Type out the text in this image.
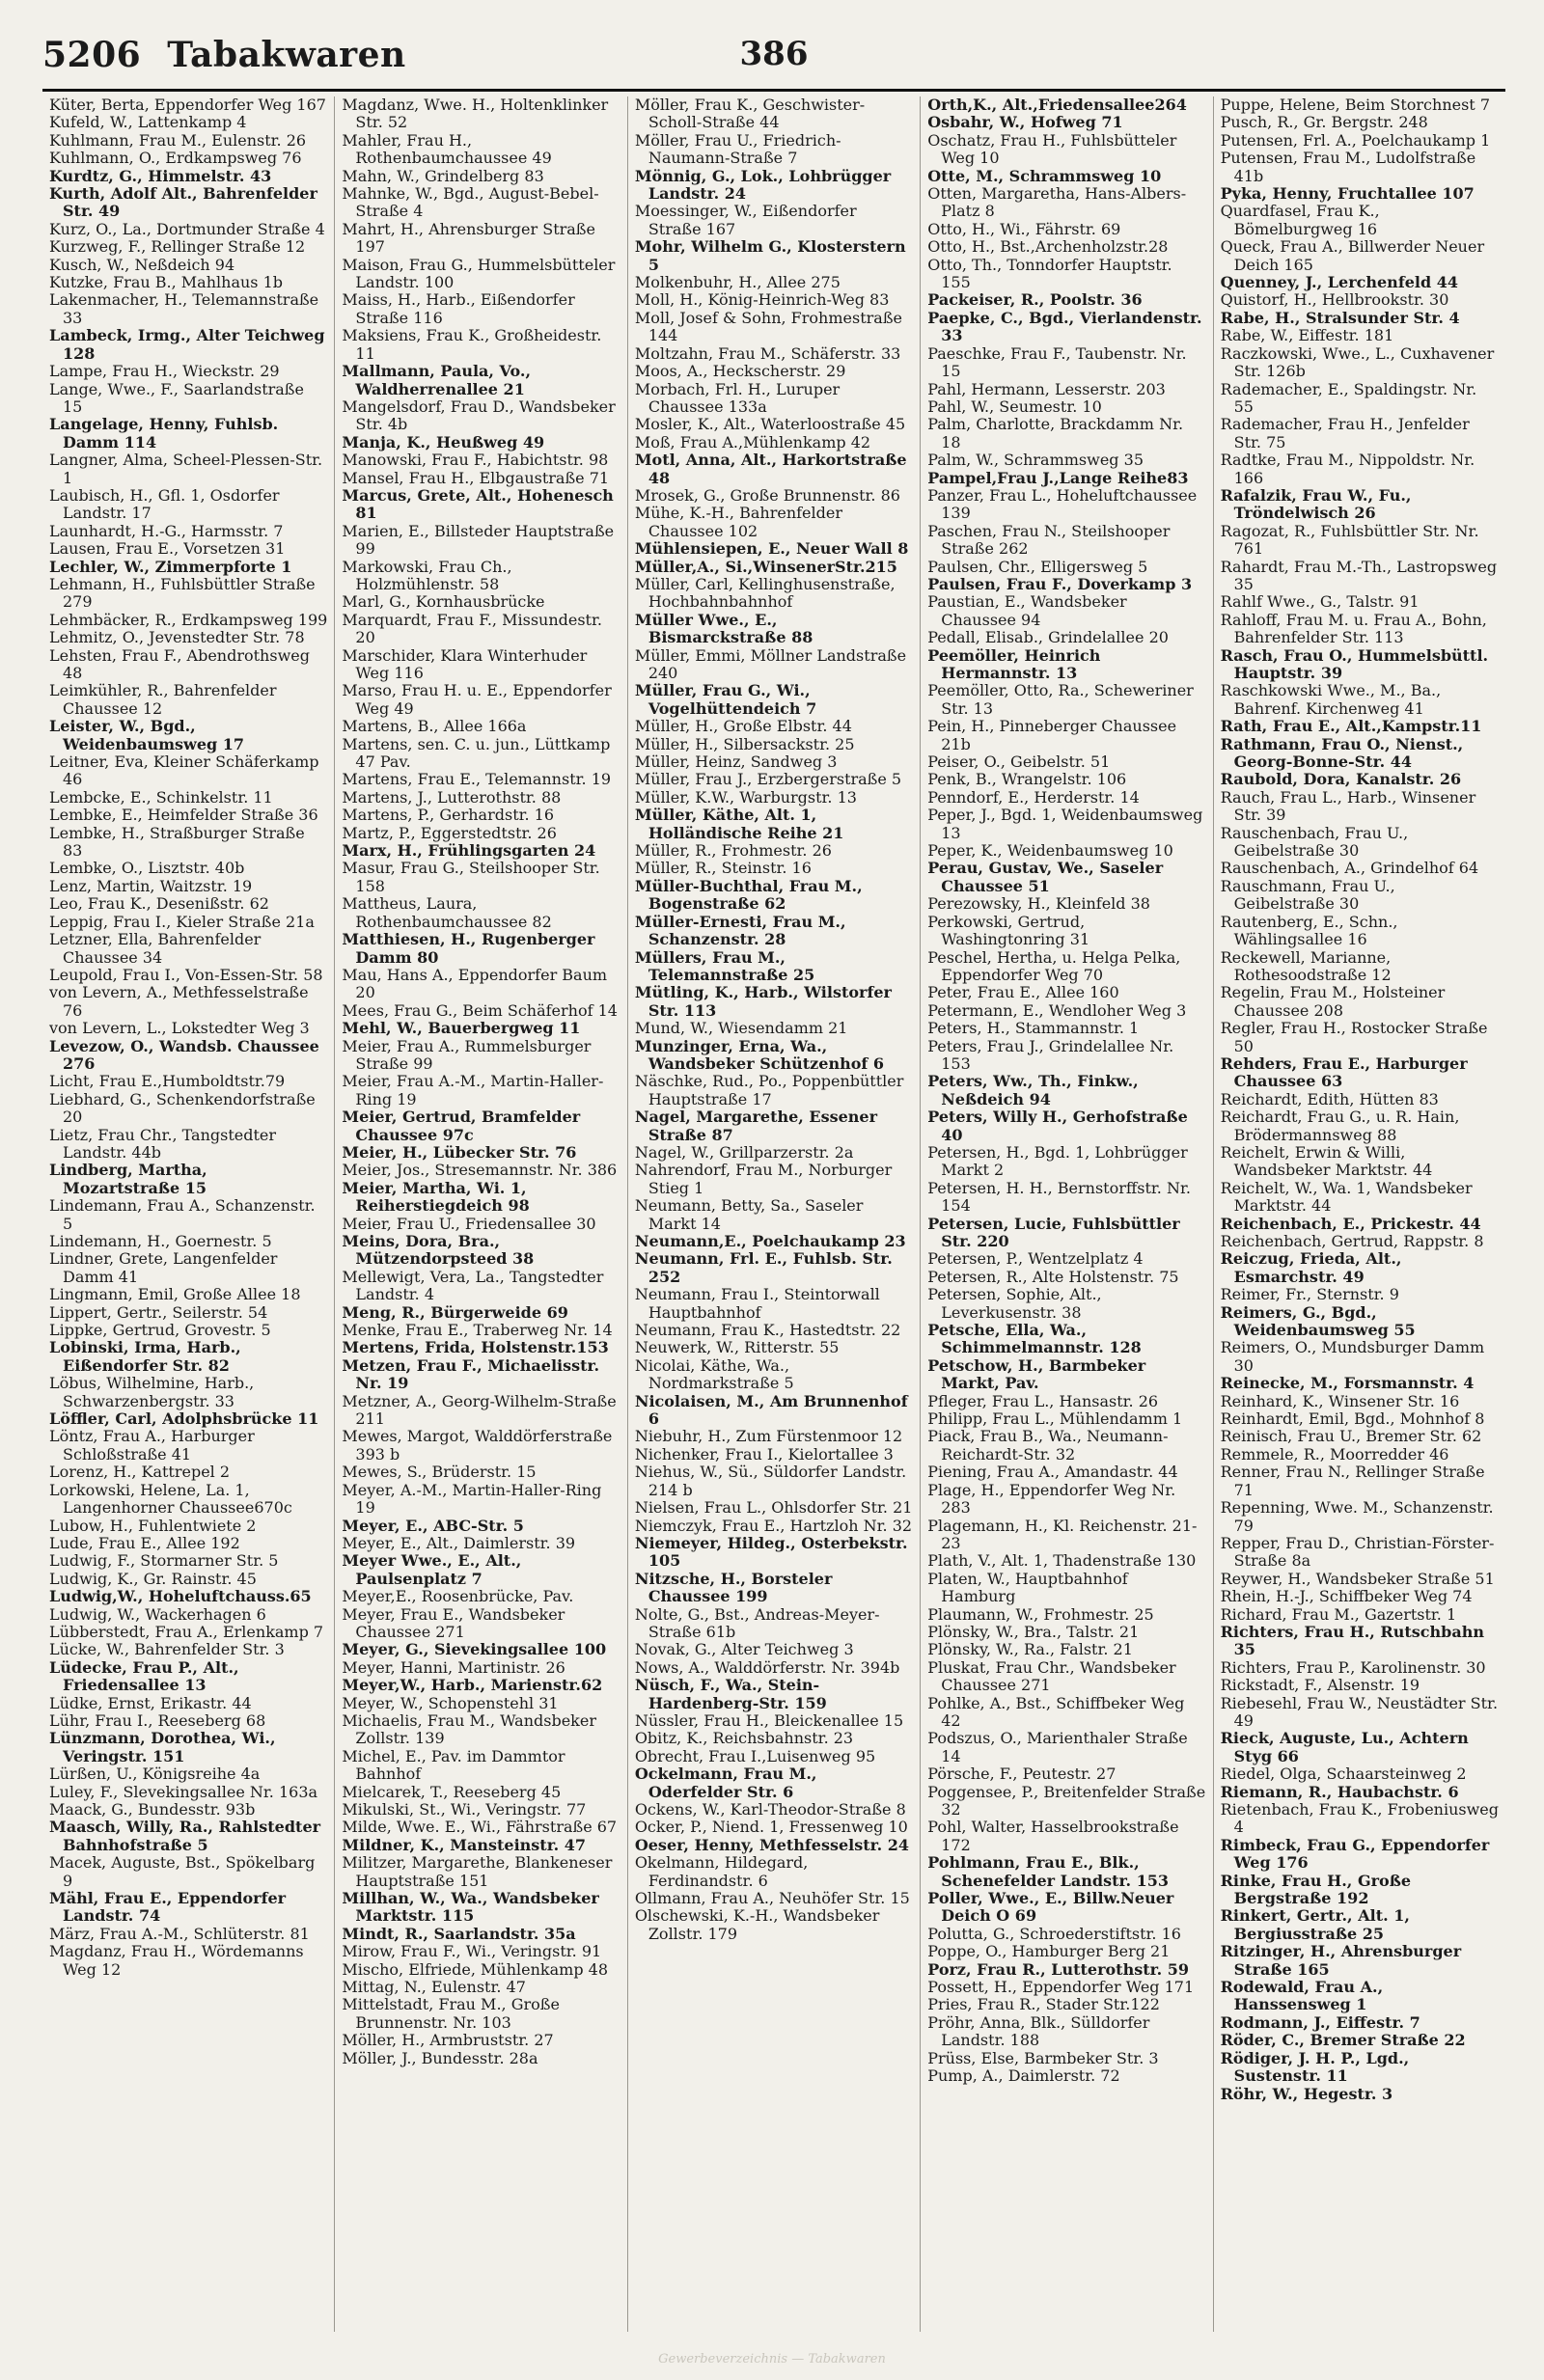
5206 Tabakwaren	386
Küter, Berta, Eppendorfer Weg 167
Kufeld, W., Lattenkamp 4
Kuhlmann, Frau M., Eulenstr. 26
Kuhlmann, O., Erdkampsweg 76
Kurdtz, G., Himmelstr. 43
Kurth, Adolf Alt., Bahrenfelder Str. 49
Kurz, O., La., Dortmunder Straße 4
Kurzweg, F., Rellinger Straße 12
Kusch, W., Neßdeich 94
Kutzke, Frau B., Mahlhaus 1b
Lakenmacher, H., Telemannstraße 33
Lambeck, Irmg., Alter Teichweg 128
Lampe, Frau H., Wieckstr. 29
Lange, Wwe., F., Saarlandstraße 15
Langelage, Henny, Fuhlsb. Damm 114
Langner, Alma, Scheel-Plessen-Str. 1
Laubisch, H., Gfl. 1, Osdorfer Landstr. 17
Launhardt, H.-G., Harmsstr. 7
Lausen, Frau E., Vorsetzen 31
Lechler, W., Zimmerpforte 1
Lehmann, H., Fuhlsbüttler Straße 279
Lehmbäcker, R., Erdkampsweg 199
Lehmitz, O., Jevenstedter Str. 78
Lehsten, Frau F., Abendrothsweg 48
Leimkühler, R., Bahrenfelder Chaussee 12
Leister, W., Bgd., Weidenbaumsweg 17
Leitner, Eva, Kleiner Schäferkamp 46
Lembcke, E., Schinkelstr. 11
Lembke, E., Heimfelder Straße 36
Lembke, H., Straßburger Straße 83
Lembke, O., Lisztstr. 40b
Lenz, Martin, Waitzstr. 19
Leo, Frau K., Desenißstr. 62
Leppig, Frau I., Kieler Straße 21a
Letzner, Ella, Bahrenfelder Chaussee 34
Leupold, Frau I., Von-Essen-Str. 58
von Levern, A., Methfesselstraße 76
von Levern, L., Lokstedter Weg 3
Levezow, O., Wandsb. Chaussee 276
Licht, Frau E.,Humboldtstr.79
Liebhard, G., Schenkendorfstraße 20
Lietz, Frau Chr., Tangstedter Landstr. 44b
Lindberg, Martha, Mozartstraße 15
Lindemann, Frau A., Schanzenstr. 5
Lindemann, H., Goernestr. 5
Lindner, Grete, Langenfelder Damm 41
Lingmann, Emil, Große Allee 18
Lippert, Gertr., Seilerstr. 54
Lippke, Gertrud, Grovestr. 5
Lobinski, Irma, Harb., Eißendorfer Str. 82
Löbus, Wilhelmine, Harb., Schwarzenbergstr. 33
Löffler, Carl, Adolphsbrücke 11
Löntz, Frau A., Harburger Schloßstraße 41
Lorenz, H., Kattrepel 2
Lorkowski, Helene, La. 1, Langenhorner Chaussee670c
Lubow, H., Fuhlentwiete 2
Lude, Frau E., Allee 192
Ludwig, F., Stormarner Str. 5
Ludwig, K., Gr. Rainstr. 45
Ludwig,W., Hoheluftchauss.65
Ludwig, W., Wackerhagen 6
Lübberstedt, Frau A., Erlenkamp 7
Lücke, W., Bahrenfelder Str. 3
Lüdecke, Frau P., Alt., Friedensallee 13
Lüdke, Ernst, Erikastr. 44
Lühr, Frau I., Reeseberg 68
Lünzmann, Dorothea, Wi., Veringstr. 151
Lürßen, U., Königsreihe 4a
Luley, F., Slevekingsallee Nr. 163a
Maack, G., Bundesstr. 93b
Maasch, Willy, Ra., Rahlstedter Bahnhofstraße 5
Macek, Auguste, Bst., Spökelbarg 9
Mähl, Frau E., Eppendorfer Landstr. 74
März, Frau A.-M., Schlüterstr. 81
Magdanz, Frau H., Wördemanns Weg 12
Magdanz, Wwe. H., Holtenklinker Str. 52
Mahler, Frau H., Rothenbaumchaussee 49
Mahn, W., Grindelberg 83
Mahnke, W., Bgd., August-Bebel-Straße 4
Mahrt, H., Ahrensburger Straße 197
Maison, Frau G., Hummelsbütteler Landstr. 100
Maiss, H., Harb., Eißendorfer Straße 116
Maksiens, Frau K., Großheidestr. 11
Mallmann, Paula, Vo., Waldherrenallee 21
Mangelsdorf, Frau D., Wandsbeker Str. 4b
Manja, K., Heußweg 49
Manowski, Frau F., Habichtstr. 98
Mansel, Frau H., Elbgaustraße 71
Marcus, Grete, Alt., Hohenesch 81
Marien, E., Billsteder Hauptstraße 99
Markowski, Frau Ch., Holzmühlenstr. 58
Marl, G., Kornhausbrücke
Marquardt, Frau F., Missundestr. 20
Marschider, Klara Winterhuder Weg 116
Marso, Frau H. u. E., Eppendorfer Weg 49
Martens, B., Allee 166a
Martens, sen. C. u. jun., Lüttkamp 47 Pav.
Martens, Frau E., Telemannstr. 19
Martens, J., Lutterothstr. 88
Martens, P., Gerhardstr. 16
Martz, P., Eggerstedtstr. 26
Marx, H., Frühlingsgarten 24
Masur, Frau G., Steilshooper Str. 158
Mattheus, Laura, Rothenbaumchaussee 82
Matthiesen, H., Rugenberger Damm 80
Mau, Hans A., Eppendorfer Baum 20
Mees, Frau G., Beim Schäferhof 14
Mehl, W., Bauerbergweg 11
Meier, Frau A., Rummelsburger Straße 99
Meier, Frau A.-M., Martin-Haller-Ring 19
Meier, Gertrud, Bramfelder Chaussee 97c
Meier, H., Lübecker Str. 76
Meier, Jos., Stresemannstr. Nr. 386
Meier, Martha, Wi. 1, Reiherstiegdeich 98
Meier, Frau U., Friedensallee 30
Meins, Dora, Bra., Mützendorpsteed 38
Mellewigt, Vera, La., Tangstedter Landstr. 4
Meng, R., Bürgerweide 69
Menke, Frau E., Traberweg Nr. 14
Mertens, Frida, Holstenstr.153
Metzen, Frau F., Michaelisstr. Nr. 19
Metzner, A., Georg-Wilhelm-Straße 211
Mewes, Margot, Walddörferstraße 393 b
Mewes, S., Brüderstr. 15
Meyer, A.-M., Martin-Haller-Ring 19
Meyer, E., ABC-Str. 5
Meyer, E., Alt., Daimlerstr. 39
Meyer Wwe., E., Alt., Paulsenplatz 7
Meyer,E., Roosenbrücke, Pav.
Meyer, Frau E., Wandsbeker Chaussee 271
Meyer, G., Sievekingsallee 100
Meyer, Hanni, Martinistr. 26
Meyer,W., Harb., Marienstr.62
Meyer, W., Schopenstehl 31
Michaelis, Frau M., Wandsbeker Zollstr. 139
Michel, E., Pav. im Dammtor Bahnhof
Mielcarek, T., Reeseberg 45
Mikulski, St., Wi., Veringstr. 77
Milde, Wwe. E., Wi., Fährstraße 67
Mildner, K., Mansteinstr. 47
Militzer, Margarethe, Blankeneser Hauptstraße 151
Millhan, W., Wa., Wandsbeker Marktstr. 115
Mindt, R., Saarlandstr. 35a
Mirow, Frau F., Wi., Veringstr. 91
Mischo, Elfriede, Mühlenkamp 48
Mittag, N., Eulenstr. 47
Mittelstadt, Frau M., Große Brunnenstr. Nr. 103
Möller, H., Armbruststr. 27
Möller, J., Bundesstr. 28a
Möller, Frau K., Geschwister-Scholl-Straße 44
Möller, Frau U., Friedrich-Naumann-Straße 7
Mönnig, G., Lok., Lohbrügger Landstr. 24
Moessinger, W., Eißendorfer Straße 167
Mohr, Wilhelm G., Klosterstern 5
Molkenbuhr, H., Allee 275
Moll, H., König-Heinrich-Weg 83
Moll, Josef & Sohn, Frohmestraße 144
Moltzahn, Frau M., Schäferstr. 33
Moos, A., Heckscherstr. 29
Morbach, Frl. H., Luruper Chaussee 133a
Mosler, K., Alt., Waterloostraße 45
Moß, Frau A.,Mühlenkamp 42
Motl, Anna, Alt., Harkortstraße 48
Mrosek, G., Große Brunnenstr. 86
Mühe, K.-H., Bahrenfelder Chaussee 102
Mühlensiepen, E., Neuer Wall 8
Müller,A., Si.,WinsenerStr.215
Müller, Carl, Kellinghusenstraße, Hochbahnbahnhof
Müller Wwe., E., Bismarckstraße 88
Müller, Emmi, Möllner Landstraße 240
Müller, Frau G., Wi., Vogelhüttendeich 7
Müller, H., Große Elbstr. 44
Müller, H., Silbersackstr. 25
Müller, Heinz, Sandweg 3
Müller, Frau J., Erzbergerstraße 5
Müller, K.W., Warburgstr. 13
Müller, Käthe, Alt. 1, Holländische Reihe 21
Müller, R., Frohmestr. 26
Müller, R., Steinstr. 16
Müller-Buchthal, Frau M., Bogenstraße 62
Müller-Ernesti, Frau M., Schanzenstr. 28
Müllers, Frau M., Telemannstraße 25
Mütling, K., Harb., Wilstorfer Str. 113
Mund, W., Wiesendamm 21
Munzinger, Erna, Wa., Wandsbeker Schützenhof 6
Näschke, Rud., Po., Poppenbüttler Hauptstraße 17
Nagel, Margarethe, Essener Straße 87
Nagel, W., Grillparzerstr. 2a
Nahrendorf, Frau M., Norburger Stieg 1
Neumann, Betty, Sa., Saseler Markt 14
Neumann,E., Poelchaukamp 23
Neumann, Frl. E., Fuhlsb. Str. 252
Neumann, Frau I., Steintorwall Hauptbahnhof
Neumann, Frau K., Hastedtstr. 22
Neuwerk, W., Ritterstr. 55
Nicolai, Käthe, Wa., Nordmarkstraße 5
Nicolaisen, M., Am Brunnenhof 6
Niebuhr, H., Zum Fürstenmoor 12
Nichenker, Frau I., Kielortallee 3
Niehus, W., Sü., Süldorfer Landstr. 214 b
Nielsen, Frau L., Ohlsdorfer Str. 21
Niemczyk, Frau E., Hartzloh Nr. 32
Niemeyer, Hildeg., Osterbekstr. 105
Nitzsche, H., Borsteler Chaussee 199
Nolte, G., Bst., Andreas-Meyer-Straße 61b
Novak, G., Alter Teichweg 3
Nows, A., Walddörferstr. Nr. 394b
Nüsch, F., Wa., Stein-Hardenberg-Str. 159
Nüssler, Frau H., Bleickenallee 15
Obitz, K., Reichsbahnstr. 23
Obrecht, Frau I.,Luisenweg 95
Ockelmann, Frau M., Oderfelder Str. 6
Ockens, W., Karl-Theodor-Straße 8
Ocker, P., Niend. 1, Fressenweg 10
Oeser, Henny, Methfesselstr. 24
Okelmann, Hildegard, Ferdinandstr. 6
Ollmann, Frau A., Neuhöfer Str. 15
Olschewski, K.-H., Wandsbeker Zollstr. 179
Orth,K., Alt.,Friedensallee264
Osbahr, W., Hofweg 71
Oschatz, Frau H., Fuhlsbütteler Weg 10
Otte, M., Schrammsweg 10
Otten, Margaretha, Hans-Albers-Platz 8
Otto, H., Wi., Fährstr. 69
Otto, H., Bst.,Archenholzstr.28
Otto, Th., Tonndorfer Hauptstr. 155
Packeiser, R., Poolstr. 36
Paepke, C., Bgd., Vierlandenstr. 33
Paeschke, Frau F., Taubenstr. Nr. 15
Pahl, Hermann, Lesserstr. 203
Pahl, W., Seumestr. 10
Palm, Charlotte, Brackdamm Nr. 18
Palm, W., Schrammsweg 35
Pampel,Frau J.,Lange Reihe83
Panzer, Frau L., Hoheluftchaussee 139
Paschen, Frau N., Steilshooper Straße 262
Paulsen, Chr., Elligersweg 5
Paulsen, Frau F., Doverkamp 3
Paustian, E., Wandsbeker Chaussee 94
Pedall, Elisab., Grindelallee 20
Peemöller, Heinrich Hermannstr. 13
Peemöller, Otto, Ra., Scheweriner Str. 13
Pein, H., Pinneberger Chaussee 21b
Peiser, O., Geibelstr. 51
Penk, B., Wrangelstr. 106
Penndorf, E., Herderstr. 14
Peper, J., Bgd. 1, Weidenbaumsweg 13
Peper, K., Weidenbaumsweg 10
Perau, Gustav, We., Saseler Chaussee 51
Perezowsky, H., Kleinfeld 38
Perkowski, Gertrud, Washingtonring 31
Peschel, Hertha, u. Helga Pelka, Eppendorfer Weg 70
Peter, Frau E., Allee 160
Petermann, E., Wendloher Weg 3
Peters, H., Stammannstr. 1
Peters, Frau J., Grindelallee Nr. 153
Peters, Ww., Th., Finkw., Neßdeich 94
Peters, Willy H., Gerhofstraße 40
Petersen, H., Bgd. 1, Lohbrügger Markt 2
Petersen, H. H., Bernstorffstr. Nr. 154
Petersen, Lucie, Fuhlsbüttler Str. 220
Petersen, P., Wentzelplatz 4
Petersen, R., Alte Holstenstr. 75
Petersen, Sophie, Alt., Leverkusenstr. 38
Petsche, Ella, Wa., Schimmelmannstr. 128
Petschow, H., Barmbeker Markt, Pav.
Pfleger, Frau L., Hansastr. 26
Philipp, Frau L., Mühlendamm 1
Piack, Frau B., Wa., Neumann-Reichardt-Str. 32
Piening, Frau A., Amandastr. 44
Plage, H., Eppendorfer Weg Nr. 283
Plagemann, H., Kl. Reichenstr. 21-23
Plath, V., Alt. 1, Thadenstraße 130
Platen, W., Hauptbahnhof Hamburg
Plaumann, W., Frohmestr. 25
Plönsky, W., Bra., Talstr. 21
Plönsky, W., Ra., Falstr. 21
Pluskat, Frau Chr., Wandsbeker Chaussee 271
Pohlke, A., Bst., Schiffbeker Weg 42
Podszus, O., Marienthaler Straße 14
Pörsche, F., Peutestr. 27
Poggensee, P., Breitenfelder Straße 32
Pohl, Walter, Hasselbrookstraße 172
Pohlmann, Frau E., Blk., Schenefelder Landstr. 153
Poller, Wwe., E., Billw.Neuer Deich O 69
Polutta, G., Schroederstiftstr. 16
Poppe, O., Hamburger Berg 21
Porz, Frau R., Lutterothstr. 59
Possett, H., Eppendorfer Weg 171
Pries, Frau R., Stader Str.122
Pröhr, Anna, Blk., Sülldorfer Landstr. 188
Prüss, Else, Barmbeker Str. 3
Pump, A., Daimlerstr. 72
Puppe, Helene, Beim Storchnest 7
Pusch, R., Gr. Bergstr. 248
Putensen, Frl. A., Poelchaukamp 1
Putensen, Frau M., Ludolfstraße 41b
Pyka, Henny, Fruchtallee 107
Quardfasel, Frau K., Bömelburgweg 16
Queck, Frau A., Billwerder Neuer Deich 165
Quenney, J., Lerchenfeld 44
Quistorf, H., Hellbrookstr. 30
Rabe, H., Stralsunder Str. 4
Rabe, W., Eiffestr. 181
Raczkowski, Wwe., L., Cuxhavener Str. 126b
Rademacher, E., Spaldingstr. Nr. 55
Rademacher, Frau H., Jenfelder Str. 75
Radtke, Frau M., Nippoldstr. Nr. 166
Rafalzik, Frau W., Fu., Tröndelwisch 26
Ragozat, R., Fuhlsbüttler Str. Nr. 761
Rahardt, Frau M.-Th., Lastropsweg 35
Rahlf Wwe., G., Talstr. 91
Rahloff, Frau M. u. Frau A., Bohn, Bahrenfelder Str. 113
Rasch, Frau O., Hummelsbüttl. Hauptstr. 39
Raschkowski Wwe., M., Ba., Bahrenf. Kirchenweg 41
Rath, Frau E., Alt.,Kampstr.11
Rathmann, Frau O., Nienst., Georg-Bonne-Str. 44
Raubold, Dora, Kanalstr. 26
Rauch, Frau L., Harb., Winsener Str. 39
Rauschenbach, Frau U., Geibelstraße 30
Rauschenbach, A., Grindelhof 64
Rauschmann, Frau U., Geibelstraße 30
Rautenberg, E., Schn., Wählingsallee 16
Reckewell, Marianne, Rothesoodstraße 12
Regelin, Frau M., Holsteiner Chaussee 208
Regler, Frau H., Rostocker Straße 50
Rehders, Frau E., Harburger Chaussee 63
Reichardt, Edith, Hütten 83
Reichardt, Frau G., u. R. Hain, Brödermannsweg 88
Reichelt, Erwin & Willi, Wandsbeker Marktstr. 44
Reichelt, W., Wa. 1, Wandsbeker Marktstr. 44
Reichenbach, E., Prickestr. 44
Reichenbach, Gertrud, Rappstr. 8
Reiczug, Frieda, Alt., Esmarchstr. 49
Reimer, Fr., Sternstr. 9
Reimers, G., Bgd., Weidenbaumsweg 55
Reimers, O., Mundsburger Damm 30
Reinecke, M., Forsmannstr. 4
Reinhard, K., Winsener Str. 16
Reinhardt, Emil, Bgd., Mohnhof 8
Reinisch, Frau U., Bremer Str. 62
Remmele, R., Moorredder 46
Renner, Frau N., Rellinger Straße 71
Repenning, Wwe. M., Schanzenstr. 79
Repper, Frau D., Christian-Förster-Straße 8a
Reywer, H., Wandsbeker Straße 51
Rhein, H.-J., Schiffbeker Weg 74
Richard, Frau M., Gazertstr. 1
Richters, Frau H., Rutschbahn 35
Richters, Frau P., Karolinenstr. 30
Rickstadt, F., Alsenstr. 19
Riebesehl, Frau W., Neustädter Str. 49
Rieck, Auguste, Lu., Achtern Styg 66
Riedel, Olga, Schaarsteinweg 2
Riemann, R., Haubachstr. 6
Rietenbach, Frau K., Frobeniusweg 4
Rimbeck, Frau G., Eppendorfer Weg 176
Rinke, Frau H., Große Bergstraße 192
Rinkert, Gertr., Alt. 1, Bergiusstraße 25
Ritzinger, H., Ahrensburger Straße 165
Rodewald, Frau A., Hanssensweg 1
Rodmann, J., Eiffestr. 7
Röder, C., Bremer Straße 22
Rödiger, J. H. P., Lgd., Sustenstr. 11
Röhr, W., Hegestr. 3
Gewerbeverzeichnis — Tabakwaren
